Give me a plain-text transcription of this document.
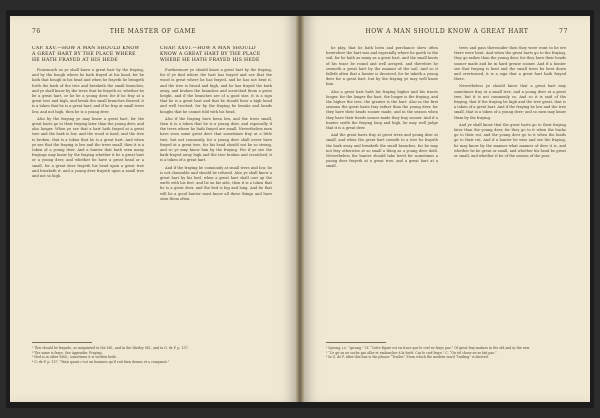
76	THE MASTER OF GAME
CAP. XXV.—HOW A MAN SHOULD KNOW A GREAT HART BY THE PLACE WHERE HE HATH FRAYED AT HIS HEDE

Forasmuch as ye shall know a great hart by the fraying, and by the bough where he hath frayed at his head, for he hath that bough in his head and when he frayeth he bringeth forth the bark of the tree and breaketh the small branches, and ye shall know by the trees that he frayeth at, whether he be a great hart, or he be a young deer, for if he fray at a great tree and high, and break the small branches thereof, it is a token that he is a great hart; and if he fray at small trees low, and not high, then he is a young deer.

Also by the fraying ye may know a great hart, for the great harts go to their fraying later than the young deer, and also longer. When ye see that a hart hath frayed at a great tree and the bark is low, and the wood is hard, and the tree is broken, that is a token that he is a great hart. And when ye see that the fraying is low and the trees small, then it is a token of a young deer. And a hunter that hath seen many frayings may know by the fraying whether it be a great hart or a young deer, and whether he have a great head or a small, for a great deer frayeth his head upon a great tree and breaketh it, and a young deer frayeth upon a small tree and not so high.

CHAP. XXVI.—HOW A MAN SHOULD KNOW A GREAT HART BY THE PLACE WHERE HE HATH FRAYED HIS HEDE

Furthermore ye should know a great hart by the fraying, for if ye find where the hart has frayed and see that the wood is great where he has frayed, and he has not bent it, and the tree is broad and high, and he has frayed the bark away, and broken the branches and scratched them a great height, and if the branches are of a good size, it is a sign that he is a great hart and that he should bear a high head and well troched, for by the fraying he breaks and bends boughs that he cannot fold with his head.

Also if the fraying have been low, and the trees small, then it is a token that he is a young deer, and especially if the trees where he hath frayed are small. Nevertheless men have seen some great deer that sometimes fray at a little tree, but not commonly, for a young deer shall never have frayed at a great tree, for his head should not be so strong, and so ye may know him by the fraying. For if ye see the bark frayed away high and the tree broken and scratched, it is a token of a great hart.

And if the fraying be commonly at small trees and low, he is not chaseable and should be refused. Also ye shall know a great hart by his bed, when a great hart shall cast up the earth with his feet, and lie on his side, then it is a token that he is a great deer, and the bed is big and long. And he that will be a good hunter must know all these things and have seen them often.

¹ This should be fraynde, as misprinted in the MS., and in the Shirley MS., and in G. de F. p. 137.

² The same is fraye. See Appendix: Fraying.

³ Hed is in other MSS.; sometimes it is written hede.

⁴ G. de F. p. 137: “Mais quant c’est un hommes qu’il voit bien dessus et a compassé.”

HOW A MAN SHOULD KNOW A GREAT HART	77

he play, that he hath been and perchance shew often heretofore the hart was and especially where he goeth to the soil, for he hath as many as a great hart, and the small knots of his trace be round and well arrayed, and therefore he seemeth a great hart by the manner of the soil. And so it falleth often that a hunter is deceived, for he taketh a young deer for a great hart, but by the fraying ye may well know him.

Also a great hart hath his fraying higher and his traces longer, for the longer the hart, the longer is the fraying, and the higher the tree, the greater is the hart. Also in the first seasons the great harts fray rather than the young deer, for they have their heads sooner made, and in the season when they have their heads sooner made they fray sooner. And if a hunter seeth the fraying long and high, he may well judge that it is a great deer.

And the great harts fray at great trees and young deer at small, and when the great hart cometh to a tree he frayeth the bark away and breaketh the small branches, for he may not fray otherwise at so small a thing as a young deer doth. Nevertheless the hunter should take heed for sometimes a young deer frayeth at a great tree, and a great hart at a small.

trees and pass thereunder then they were wont to be ere there were bent. And when the great harts go to the fraying, they go rather than the young deer, for they have their heads sooner made and be in hard grease sooner. And if a hunter see that fraying is bent and the small trees be bent down and overturned, it is a sign that a great hart hath frayed there.

Nevertheless ye should know that a great hart may sometimes fray at a small tree, and a young deer at a great tree, but it is not commonly so. And so it is said of the fraying, that if the fraying be high and the tree great, that is a token of a great hart. And if the fraying be low and the tree small, that is a token of a young deer; and so men may know them by the fraying.

And ye shall know that the great harts go to their fraying later than the young deer, for they go to it when the bucks go to their rut, and the young deer go to it when the hinds go to their rut. And if a hunter be wise and see the fraying, he may know by the manner what manner of deer it is, and whether he be great or small, and whether his head be great or small, and whether it be of the season of the year.

¹ Sprong, i.e. “sprung.” Cf. “Cette figure est en trace que le cerf ne fraye pas.” Of great fray-makers in the old and in the new.

² “Ce qu’on ne sache pas aller et embuscher à la forêt. Car le cerf fraye.” C. “Ou tel chose ne se fait pas.”

³ In G. de F. after this line is the phrase “Trailer.” From which the modern word “trailing” is derived.
